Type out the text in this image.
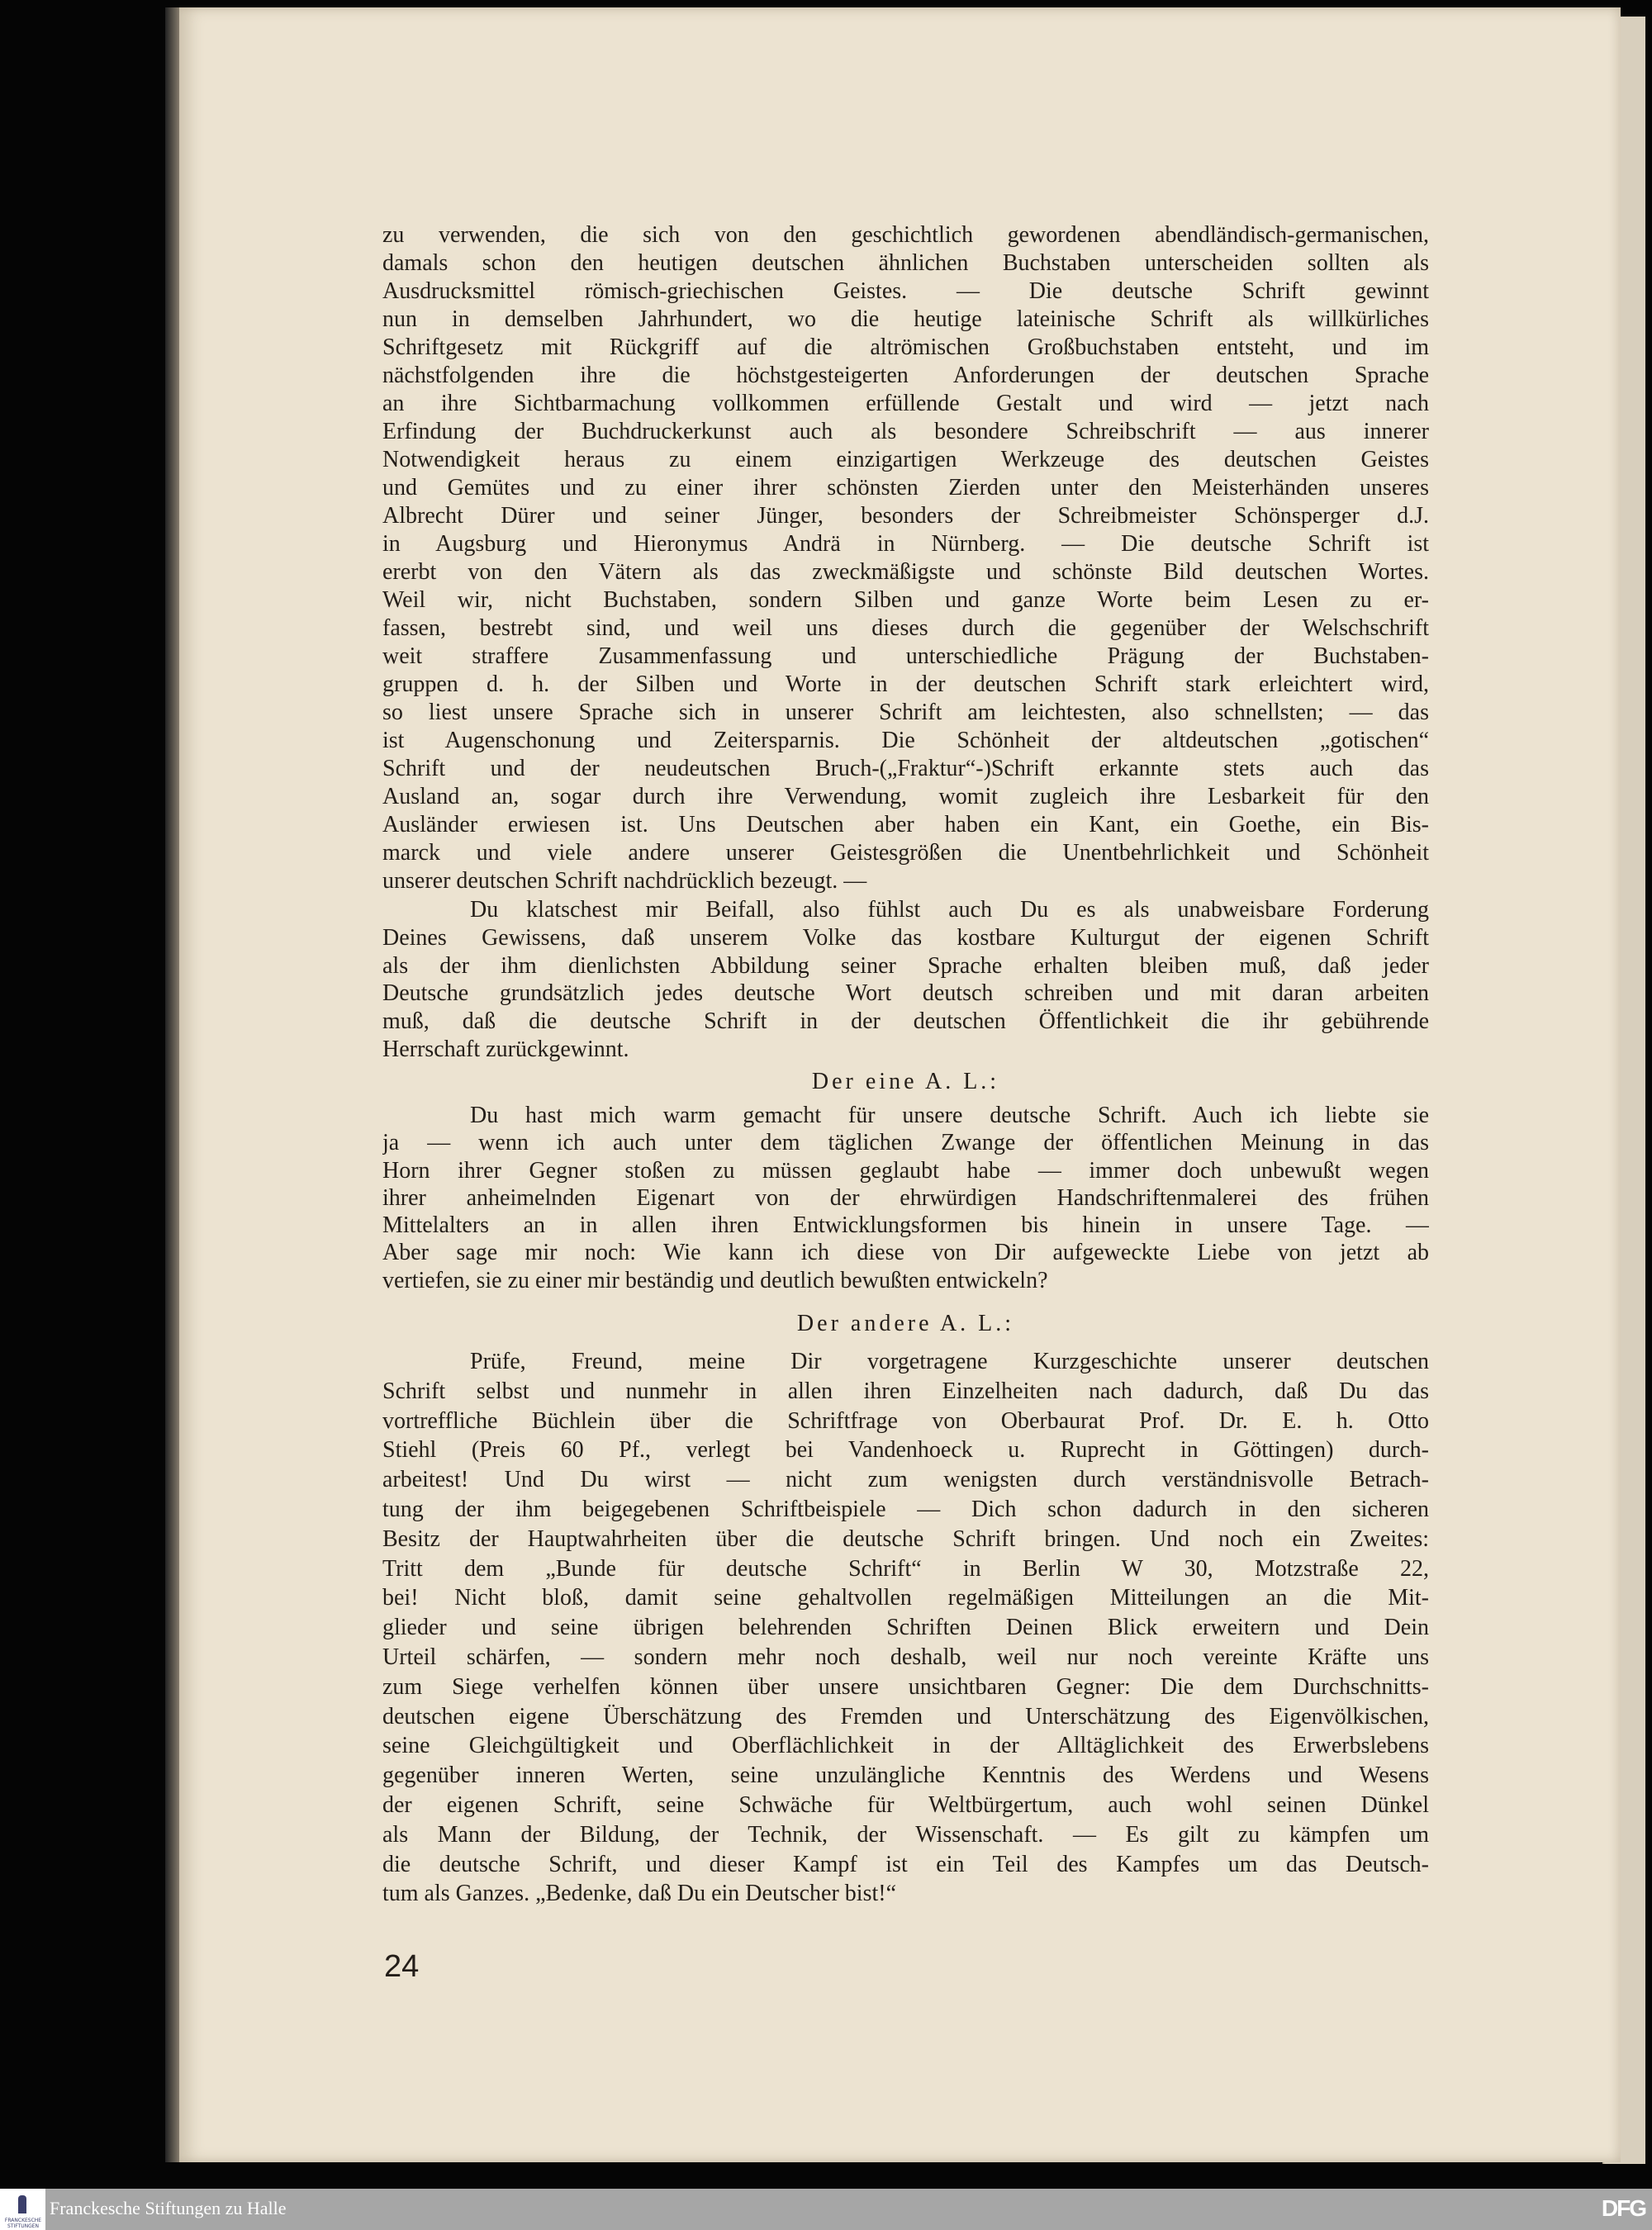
zu verwenden, die sich von den geschichtlich gewordenen abendländisch-germanischen,
damals schon den heutigen deutschen ähnlichen Buchstaben unterscheiden sollten als
Ausdrucksmittel römisch-griechischen Geistes. — Die deutsche Schrift gewinnt
nun in demselben Jahrhundert, wo die heutige lateinische Schrift als willkürliches
Schriftgesetz mit Rückgriff auf die altrömischen Großbuchstaben entsteht, und im
nächstfolgenden ihre die höchstgesteigerten Anforderungen der deutschen Sprache
an ihre Sichtbarmachung vollkommen erfüllende Gestalt und wird — jetzt nach
Erfindung der Buchdruckerkunst auch als besondere Schreibschrift — aus innerer
Notwendigkeit heraus zu einem einzigartigen Werkzeuge des deutschen Geistes
und Gemütes und zu einer ihrer schönsten Zierden unter den Meisterhänden unseres
Albrecht Dürer und seiner Jünger, besonders der Schreibmeister Schönsperger d.J.
in Augsburg und Hieronymus Andrä in Nürnberg. — Die deutsche Schrift ist
ererbt von den Vätern als das zweckmäßigste und schönste Bild deutschen Wortes.
Weil wir, nicht Buchstaben, sondern Silben und ganze Worte beim Lesen zu er-
fassen, bestrebt sind, und weil uns dieses durch die gegenüber der Welschschrift
weit straffere Zusammenfassung und unterschiedliche Prägung der Buchstaben-
gruppen d. h. der Silben und Worte in der deutschen Schrift stark erleichtert wird,
so liest unsere Sprache sich in unserer Schrift am leichtesten, also schnellsten; — das
ist Augenschonung und Zeitersparnis. Die Schönheit der altdeutschen „gotischen“
Schrift und der neudeutschen Bruch-(„Fraktur“-)Schrift erkannte stets auch das
Ausland an, sogar durch ihre Verwendung, womit zugleich ihre Lesbarkeit für den
Ausländer erwiesen ist. Uns Deutschen aber haben ein Kant, ein Goethe, ein Bis-
marck und viele andere unserer Geistesgrößen die Unentbehrlichkeit und Schönheit
unserer deutschen Schrift nachdrücklich bezeugt. —
Du klatschest mir Beifall, also fühlst auch Du es als unabweisbare Forderung
Deines Gewissens, daß unserem Volke das kostbare Kulturgut der eigenen Schrift
als der ihm dienlichsten Abbildung seiner Sprache erhalten bleiben muß, daß jeder
Deutsche grundsätzlich jedes deutsche Wort deutsch schreiben und mit daran arbeiten
muß, daß die deutsche Schrift in der deutschen Öffentlichkeit die ihr gebührende
Herrschaft zurückgewinnt.
Der eine A. L.:
Du hast mich warm gemacht für unsere deutsche Schrift. Auch ich liebte sie
ja — wenn ich auch unter dem täglichen Zwange der öffentlichen Meinung in das
Horn ihrer Gegner stoßen zu müssen geglaubt habe — immer doch unbewußt wegen
ihrer anheimelnden Eigenart von der ehrwürdigen Handschriftenmalerei des frühen
Mittelalters an in allen ihren Entwicklungsformen bis hinein in unsere Tage. —
Aber sage mir noch: Wie kann ich diese von Dir aufgeweckte Liebe von jetzt ab
vertiefen, sie zu einer mir beständig und deutlich bewußten entwickeln?
Der andere A. L.:
Prüfe, Freund, meine Dir vorgetragene Kurzgeschichte unserer deutschen
Schrift selbst und nunmehr in allen ihren Einzelheiten nach dadurch, daß Du das
vortreffliche Büchlein über die Schriftfrage von Oberbaurat Prof. Dr. E. h. Otto
Stiehl (Preis 60 Pf., verlegt bei Vandenhoeck u. Ruprecht in Göttingen) durch-
arbeitest! Und Du wirst — nicht zum wenigsten durch verständnisvolle Betrach-
tung der ihm beigegebenen Schriftbeispiele — Dich schon dadurch in den sicheren
Besitz der Hauptwahrheiten über die deutsche Schrift bringen. Und noch ein Zweites:
Tritt dem „Bunde für deutsche Schrift“ in Berlin W 30, Motzstraße 22,
bei! Nicht bloß, damit seine gehaltvollen regelmäßigen Mitteilungen an die Mit-
glieder und seine übrigen belehrenden Schriften Deinen Blick erweitern und Dein
Urteil schärfen, — sondern mehr noch deshalb, weil nur noch vereinte Kräfte uns
zum Siege verhelfen können über unsere unsichtbaren Gegner: Die dem Durchschnitts-
deutschen eigene Überschätzung des Fremden und Unterschätzung des Eigenvölkischen,
seine Gleichgültigkeit und Oberflächlichkeit in der Alltäglichkeit des Erwerbslebens
gegenüber inneren Werten, seine unzulängliche Kenntnis des Werdens und Wesens
der eigenen Schrift, seine Schwäche für Weltbürgertum, auch wohl seinen Dünkel
als Mann der Bildung, der Technik, der Wissenschaft. — Es gilt zu kämpfen um
die deutsche Schrift, und dieser Kampf ist ein Teil des Kampfes um das Deutsch-
tum als Ganzes. „Bedenke, daß Du ein Deutscher bist!“
24
FRANCKESCHE STIFTUNGEN
Franckesche Stiftungen zu Halle	DFG
